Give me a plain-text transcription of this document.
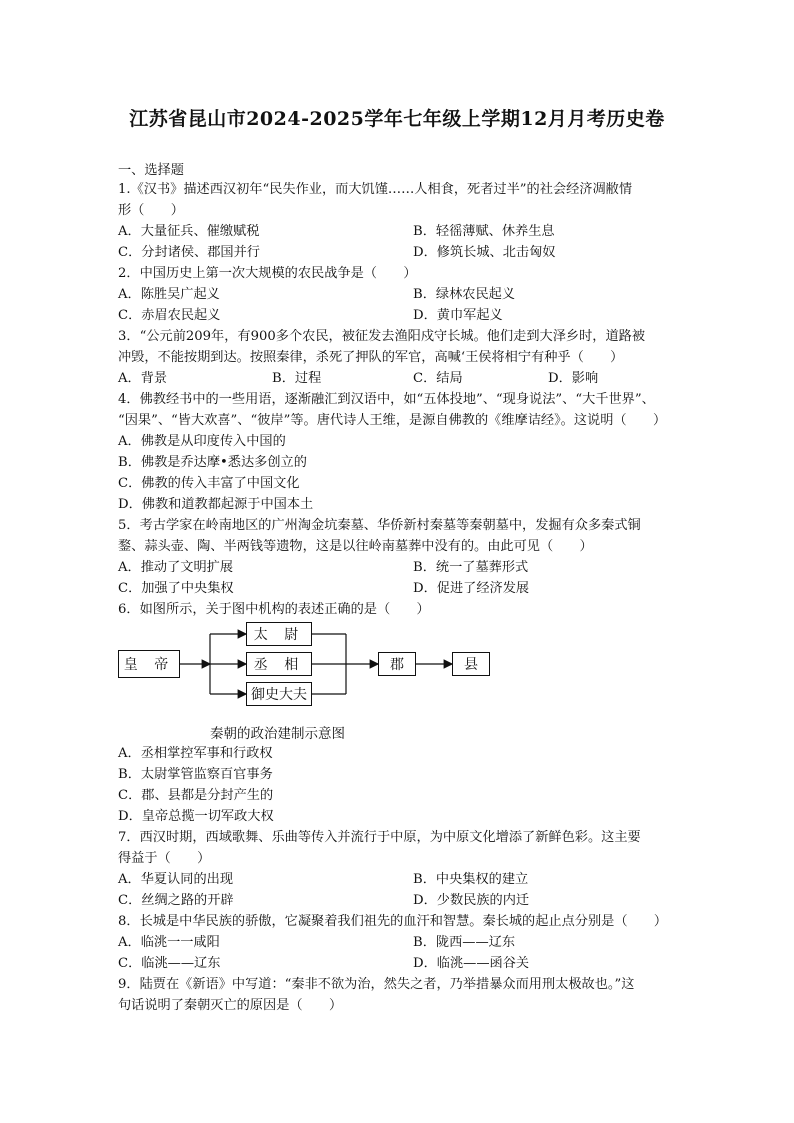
江苏省昆山市2024-2025学年七年级上学期12月月考历史卷
一、选择题
1.《汉书》描述西汉初年“民失作业，而大饥馑……人相食，死者过半”的社会经济凋敝情
形（　　）
A．大量征兵、催缴赋税	B．轻徭薄赋、休养生息
C．分封诸侯、郡国并行	D．修筑长城、北击匈奴
2．中国历史上第一次大规模的农民战争是（　　）
A．陈胜吴广起义	B．绿林农民起义
C．赤眉农民起义	D．黄巾军起义
3．“公元前209年，有900多个农民，被征发去渔阳戍守长城。他们走到大泽乡时，道路被
冲毁，不能按期到达。按照秦律，杀死了押队的军官，高喊‘王侯将相宁有种乎（　　）
A．背景	B．过程	C．结局	D．影响
4．佛教经书中的一些用语，逐渐融汇到汉语中，如“五体投地”、“现身说法”、“大千世界”、
“因果”、“皆大欢喜”、“彼岸”等。唐代诗人王维，是源自佛教的《维摩诘经》。这说明（　　）
A．佛教是从印度传入中国的
B．佛教是乔达摩•悉达多创立的
C．佛教的传入丰富了中国文化
D．佛教和道教都起源于中国本土
5．考古学家在岭南地区的广州淘金坑秦墓、华侨新村秦墓等秦朝墓中，发掘有众多秦式铜
鍪、蒜头壶、陶、半两钱等遗物，这是以往岭南墓葬中没有的。由此可见（　　）
A．推动了文明扩展	B．统一了墓葬形式
C．加强了中央集权	D．促进了经济发展
6．如图所示，关于图中机构的表述正确的是（　　）
皇 帝
太 尉
丞 相
御史大夫
郡	县
秦朝的政治建制示意图
A．丞相掌控军事和行政权
B．太尉掌管监察百官事务
C．郡、县都是分封产生的
D．皇帝总揽一切军政大权
7．西汉时期，西域歌舞、乐曲等传入并流行于中原，为中原文化增添了新鲜色彩。这主要
得益于（　　）
A．华夏认同的出现	B．中央集权的建立
C．丝绸之路的开辟	D．少数民族的内迁
8．长城是中华民族的骄傲，它凝聚着我们祖先的血汗和智慧。秦长城的起止点分别是（　　）
A．临洮一一咸阳	B．陇西——辽东
C．临洮——辽东	D．临洮——函谷关
9．陆贾在《新语》中写道：“秦非不欲为治，然失之者，乃举措暴众而用刑太极故也。”这
句话说明了秦朝灭亡的原因是（　　）
